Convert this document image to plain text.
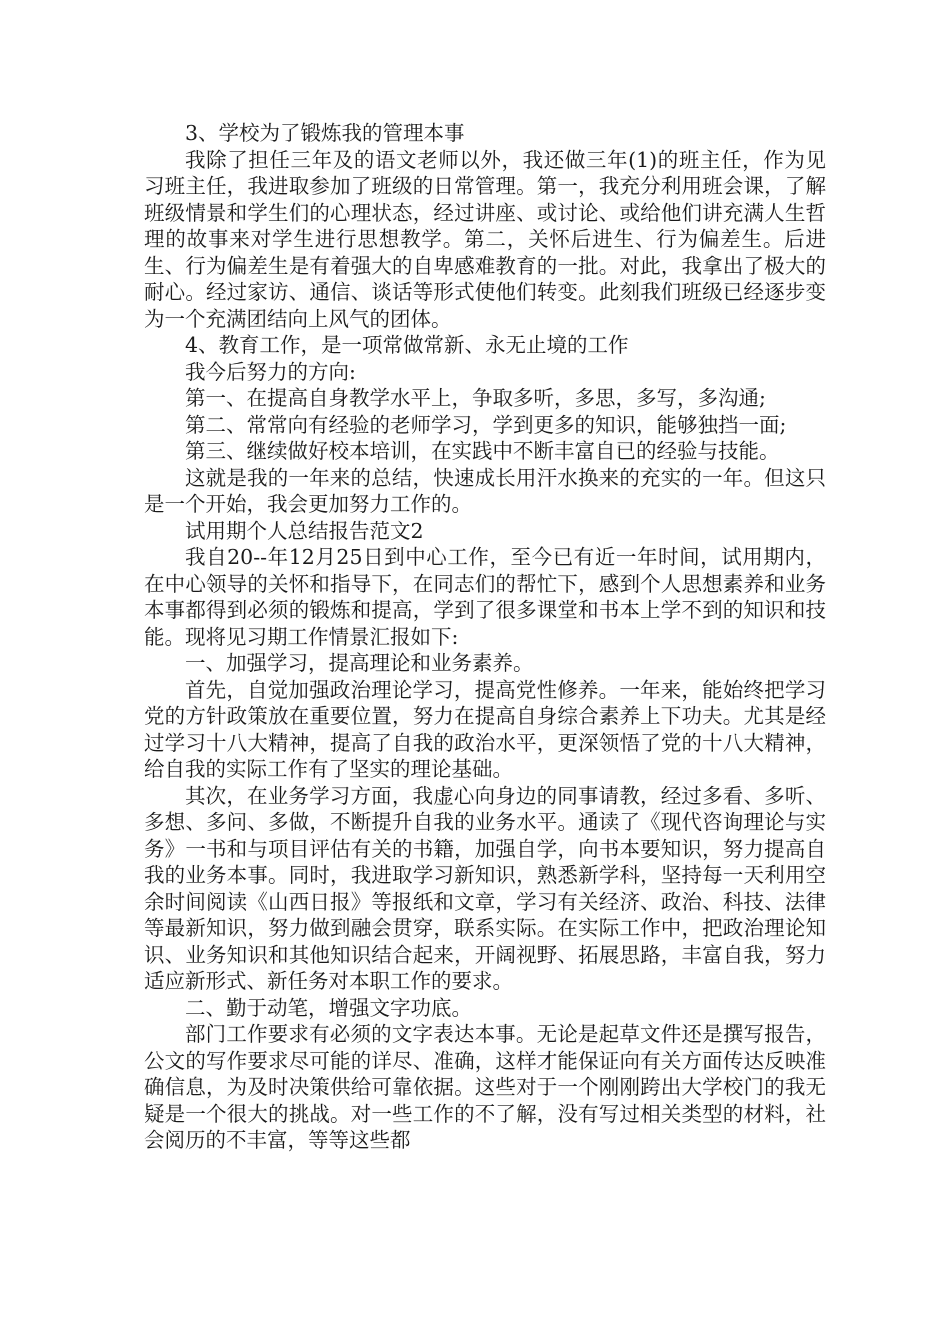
3、学校为了锻炼我的管理本事

我除了担任三年及的语文老师以外，我还做三年(1)的班主任，作为见习班主任，我进取参加了班级的日常管理。第一，我充分利用班会课，了解班级情景和学生们的心理状态，经过讲座、或讨论、或给他们讲充满人生哲理的故事来对学生进行思想教学。第二，关怀后进生、行为偏差生。后进生、行为偏差生是有着强大的自卑感难教育的一批。对此，我拿出了极大的耐心。经过家访、通信、谈话等形式使他们转变。此刻我们班级已经逐步变为一个充满团结向上风气的团体。

4、教育工作，是一项常做常新、永无止境的工作

我今后努力的方向:

第一、在提高自身教学水平上，争取多听，多思，多写，多沟通;

第二、常常向有经验的老师学习，学到更多的知识，能够独挡一面;

第三、继续做好校本培训，在实践中不断丰富自已的经验与技能。

这就是我的一年来的总结，快速成长用汗水换来的充实的一年。但这只是一个开始，我会更加努力工作的。

试用期个人总结报告范文2

我自20--年12月25日到中心工作，至今已有近一年时间，试用期内，在中心领导的关怀和指导下，在同志们的帮忙下，感到个人思想素养和业务本事都得到必须的锻炼和提高，学到了很多课堂和书本上学不到的知识和技能。现将见习期工作情景汇报如下:

一、加强学习，提高理论和业务素养。

首先，自觉加强政治理论学习，提高党性修养。一年来，能始终把学习党的方针政策放在重要位置，努力在提高自身综合素养上下功夫。尤其是经过学习十八大精神，提高了自我的政治水平，更深领悟了党的十八大精神，给自我的实际工作有了坚实的理论基础。

其次，在业务学习方面，我虚心向身边的同事请教，经过多看、多听、多想、多问、多做，不断提升自我的业务水平。通读了《现代咨询理论与实务》一书和与项目评估有关的书籍，加强自学，向书本要知识，努力提高自我的业务本事。同时，我进取学习新知识，熟悉新学科，坚持每一天利用空余时间阅读《山西日报》等报纸和文章，学习有关经济、政治、科技、法律等最新知识，努力做到融会贯穿，联系实际。在实际工作中，把政治理论知识、业务知识和其他知识结合起来，开阔视野、拓展思路，丰富自我，努力适应新形式、新任务对本职工作的要求。

二、勤于动笔，增强文字功底。

部门工作要求有必须的文字表达本事。无论是起草文件还是撰写报告，公文的写作要求尽可能的详尽、准确，这样才能保证向有关方面传达反映准确信息，为及时决策供给可靠依据。这些对于一个刚刚跨出大学校门的我无疑是一个很大的挑战。对一些工作的不了解，没有写过相关类型的材料，社会阅历的不丰富，等等这些都
